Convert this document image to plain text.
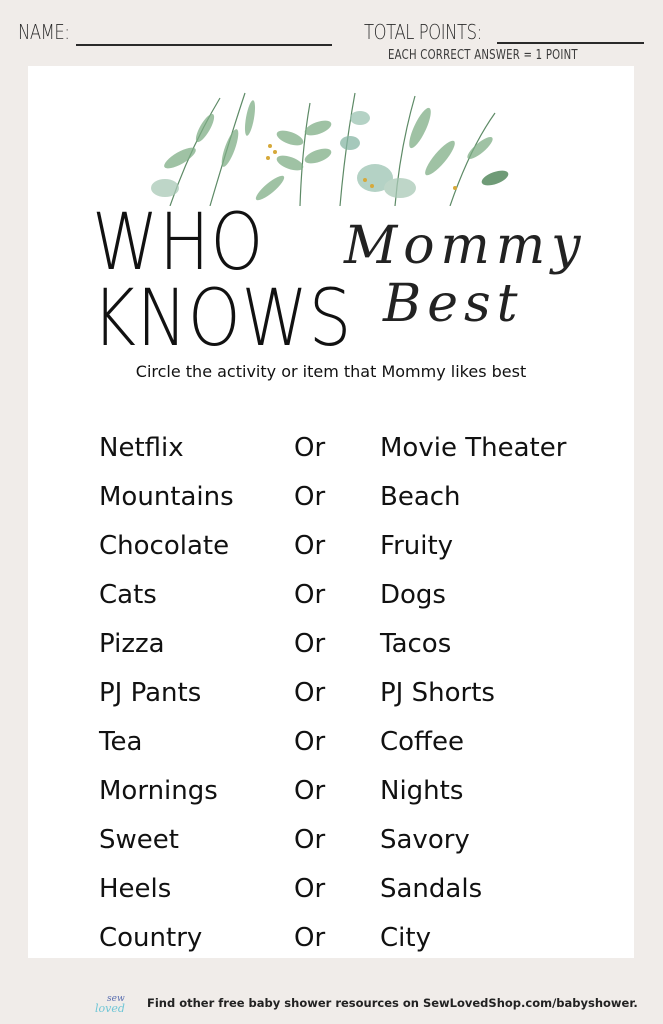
NAME:	TOTAL POINTS:
EACH CORRECT ANSWER = 1 POINT
WHO
KNOWS
Mommy
Best
Circle the activity or item that Mommy likes best
Netflix	Or Movie Theater
Mountains Or Beach
Chocolate Or Fruity
Cats	Or Dogs
Pizza	Or Tacos
PJ Pants	Or PJ Shorts
Tea	Or Coffee
Mornings	Or Nights
Sweet	Or Savory
Heels	Or Sandals
Country	Or City
sew
loved Find other free baby shower resources on SewLovedShop.com/babyshower.
